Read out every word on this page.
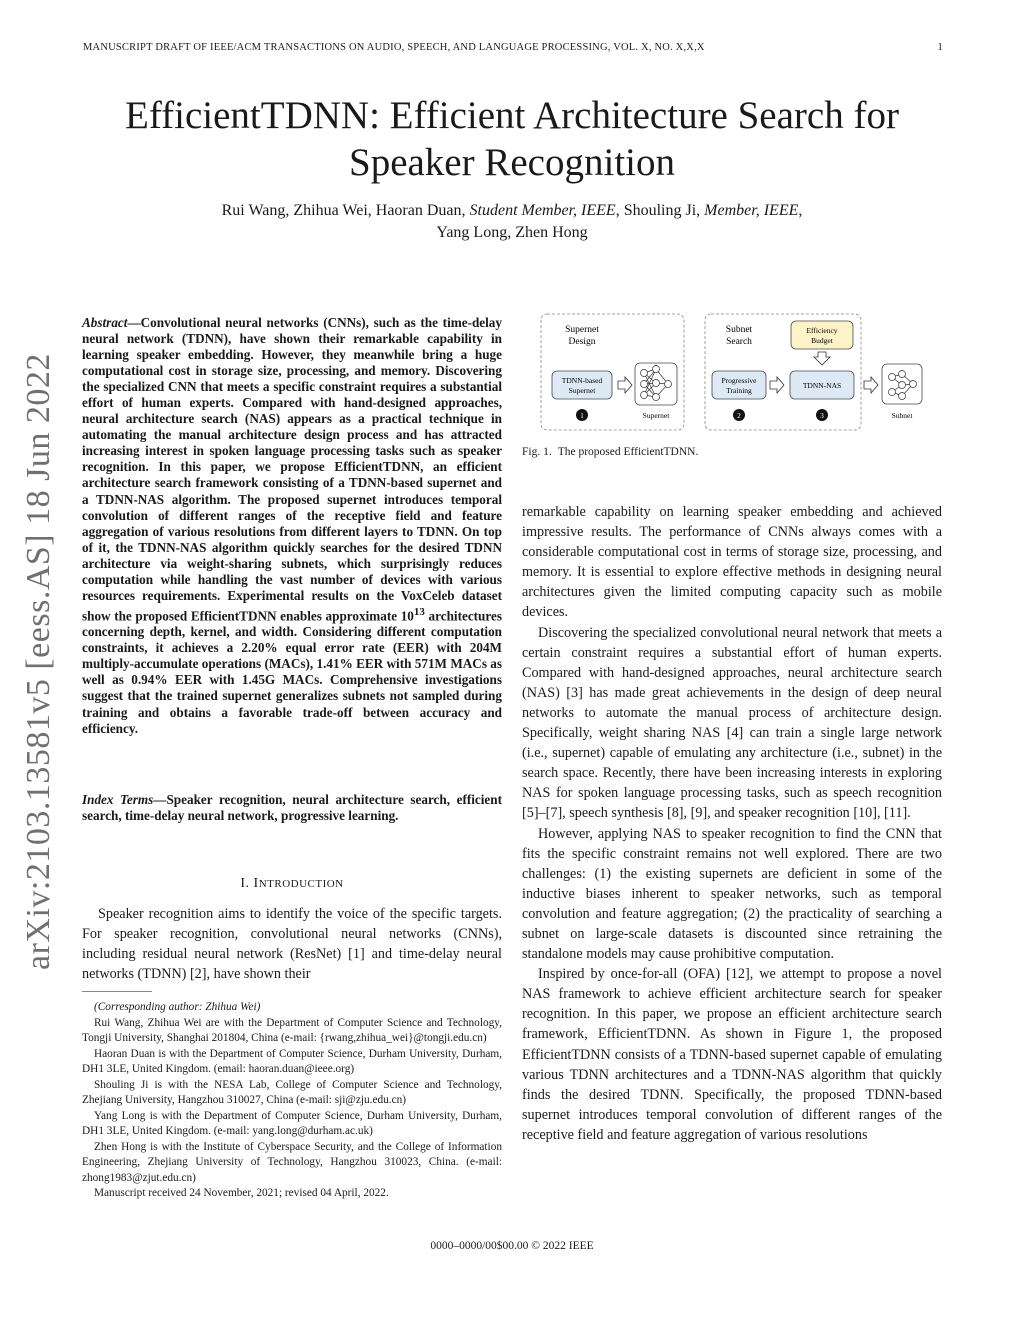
MANUSCRIPT DRAFT OF IEEE/ACM TRANSACTIONS ON AUDIO, SPEECH, AND LANGUAGE PROCESSING, VOL. X, NO. X,X,X	1
EfficientTDNN: Efficient Architecture Search for
Speaker Recognition
Rui Wang, Zhihua Wei, Haoran Duan, Student Member, IEEE, Shouling Ji, Member, IEEE,
Yang Long, Zhen Hong
arXiv:2103.13581v5 [eess.AS] 18 Jun 2022
Abstract—Convolutional neural networks (CNNs), such as the time-delay neural network (TDNN), have shown their remarkable capability in learning speaker embedding. However, they meanwhile bring a huge computational cost in storage size, processing, and memory. Discovering the specialized CNN that meets a specific constraint requires a substantial effort of human experts. Compared with hand-designed approaches, neural architecture search (NAS) appears as a practical technique in automating the manual architecture design process and has attracted increasing interest in spoken language processing tasks such as speaker recognition. In this paper, we propose EfficientTDNN, an efficient architecture search framework consisting of a TDNN-based supernet and a TDNN-NAS algorithm. The proposed supernet introduces temporal convolution of different ranges of the receptive field and feature aggregation of various resolutions from different layers to TDNN. On top of it, the TDNN-NAS algorithm quickly searches for the desired TDNN architecture via weight-sharing subnets, which surprisingly reduces computation while handling the vast number of devices with various resources requirements. Experimental results on the VoxCeleb dataset show the proposed EfficientTDNN enables approximate $10^{13}$ architectures concerning depth, kernel, and width. Considering different computation constraints, it achieves a 2.20% equal error rate (EER) with 204M multiply-accumulate operations (MACs), 1.41% EER with 571M MACs as well as 0.94% EER with 1.45G MACs. Comprehensive investigations suggest that the trained supernet generalizes subnets not sampled during training and obtains a favorable trade-off between accuracy and efficiency.
Index Terms—Speaker recognition, neural architecture search, efficient search, time-delay neural network, progressive learning.
I. INTRODUCTION

Speaker recognition aims to identify the voice of the specific targets. For speaker recognition, convolutional neural networks (CNNs), including residual neural network (ResNet) [1] and time-delay neural networks (TDNN) [2], have shown their

(Corresponding author: Zhihua Wei)

Rui Wang, Zhihua Wei are with the Department of Computer Science and Technology, Tongji University, Shanghai 201804, China (e-mail: {rwang,zhihua_wei}@tongji.edu.cn)

Haoran Duan is with the Department of Computer Science, Durham University, Durham, DH1 3LE, United Kingdom. (email: haoran.duan@ieee.org)

Shouling Ji is with the NESA Lab, College of Computer Science and Technology, Zhejiang University, Hangzhou 310027, China (e-mail: sji@zju.edu.cn)

Yang Long is with the Department of Computer Science, Durham University, Durham, DH1 3LE, United Kingdom. (e-mail: yang.long@durham.ac.uk)

Zhen Hong is with the Institute of Cyberspace Security, and the College of Information Engineering, Zhejiang University of Technology, Hangzhou 310023, China. (e-mail: zhong1983@zjut.edu.cn)

Manuscript received 24 November, 2021; revised 04 April, 2022.

Supernet
Design
TDNN-based
Supernet
1	Supernet
Subnet
Search
Efficiency
Budget
Progressive
Training
TDNN-NAS
2	3	Subnet
Fig. 1. The proposed EfficientTDNN.

remarkable capability on learning speaker embedding and achieved impressive results. The performance of CNNs always comes with a considerable computational cost in terms of storage size, processing, and memory. It is essential to explore effective methods in designing neural architectures given the limited computing capacity such as mobile devices.

Discovering the specialized convolutional neural network that meets a certain constraint requires a substantial effort of human experts. Compared with hand-designed approaches, neural architecture search (NAS) [3] has made great achievements in the design of deep neural networks to automate the manual process of architecture design. Specifically, weight sharing NAS [4] can train a single large network (i.e., supernet) capable of emulating any architecture (i.e., subnet) in the search space. Recently, there have been increasing interests in exploring NAS for spoken language processing tasks, such as speech recognition [5]–[7], speech synthesis [8], [9], and speaker recognition [10], [11].

However, applying NAS to speaker recognition to find the CNN that fits the specific constraint remains not well explored. There are two challenges: (1) the existing supernets are deficient in some of the inductive biases inherent to speaker networks, such as temporal convolution and feature aggregation; (2) the practicality of searching a subnet on large-scale datasets is discounted since retraining the standalone models may cause prohibitive computation.

Inspired by once-for-all (OFA) [12], we attempt to propose a novel NAS framework to achieve efficient architecture search for speaker recognition. In this paper, we propose an efficient architecture search framework, EfficientTDNN. As shown in Figure 1, the proposed EfficientTDNN consists of a TDNN-based supernet capable of emulating various TDNN architectures and a TDNN-NAS algorithm that quickly finds the desired TDNN. Specifically, the proposed TDNN-based supernet introduces temporal convolution of different ranges of the receptive field and feature aggregation of various resolutions

0000–0000/00$00.00 © 2022 IEEE
